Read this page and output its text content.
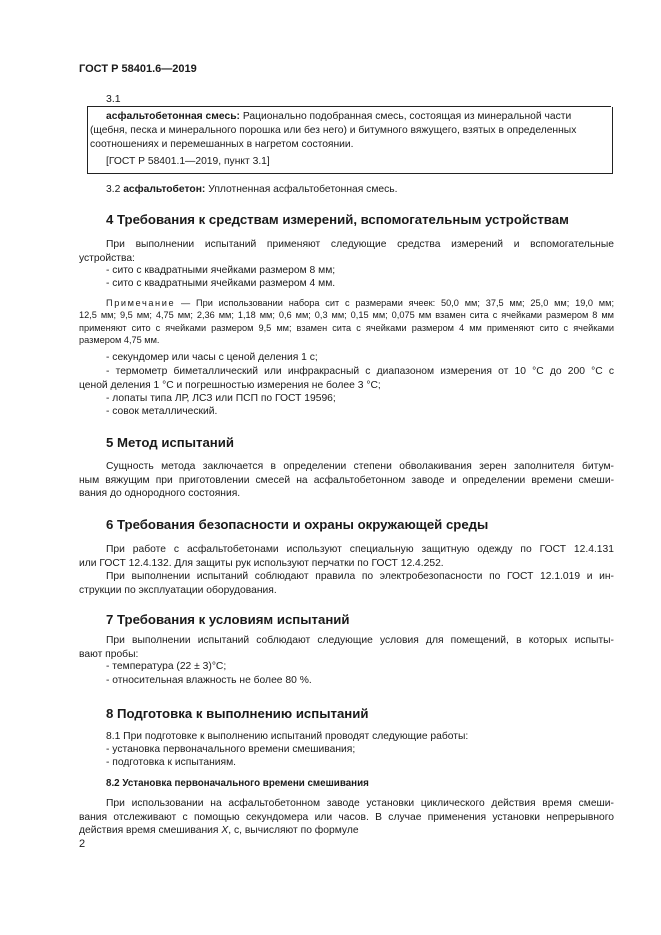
ГОСТ Р 58401.6—2019
3.1
асфальтобетонная смесь: Рационально подобранная смесь, состоящая из минеральной части
(щебня, песка и минерального порошка или без него) и битумного вяжущего, взятых в определенных
соотношениях и перемешанных в нагретом состоянии.
[ГОСТ Р 58401.1—2019, пункт 3.1]
3.2 асфальтобетон: Уплотненная асфальтобетонная смесь.
4 Требования к средствам измерений, вспомогательным устройствам
При выполнении испытаний применяют следующие средства измерений и вспомогательные
устройства:
- сито с квадратными ячейками размером 8 мм;
- сито с квадратными ячейками размером 4 мм.
Примечание — При использовании набора сит с размерами ячеек: 50,0 мм; 37,5 мм; 25,0 мм; 19,0 мм;
12,5 мм; 9,5 мм; 4,75 мм; 2,36 мм; 1,18 мм; 0,6 мм; 0,3 мм; 0,15 мм; 0,075 мм взамен сита с ячейками размером 8 мм
применяют сито с ячейками размером 9,5 мм; взамен сита с ячейками размером 4 мм применяют сито с ячейками
размером 4,75 мм.
- секундомер или часы с ценой деления 1 с;
- термометр биметаллический или инфракрасный с диапазоном измерения от 10 °C до 200 °C с
ценой деления 1 °C и погрешностью измерения не более 3 °C;
- лопаты типа ЛР, ЛСЗ или ПСП по ГОСТ 19596;
- совок металлический.
5 Метод испытаний
Сущность метода заключается в определении степени обволакивания зерен заполнителя битум-
ным вяжущим при приготовлении смесей на асфальтобетонном заводе и определении времени смеши-
вания до однородного состояния.
6 Требования безопасности и охраны окружающей среды
При работе с асфальтобетонами используют специальную защитную одежду по ГОСТ 12.4.131
или ГОСТ 12.4.132. Для защиты рук используют перчатки по ГОСТ 12.4.252.
При выполнении испытаний соблюдают правила по электробезопасности по ГОСТ 12.1.019 и ин-
струкции по эксплуатации оборудования.
7 Требования к условиям испытаний
При выполнении испытаний соблюдают следующие условия для помещений, в которых испыты-
вают пробы:
- температура (22 ± 3)°С;
- относительная влажность не более 80 %.
8 Подготовка к выполнению испытаний
8.1 При подготовке к выполнению испытаний проводят следующие работы:
- установка первоначального времени смешивания;
- подготовка к испытаниям.
8.2 Установка первоначального времени смешивания
При использовании на асфальтобетонном заводе установки циклического действия время смеши-
вания отслеживают с помощью секундомера или часов. В случае применения установки непрерывного
действия время смешивания X, с, вычисляют по формуле
2
